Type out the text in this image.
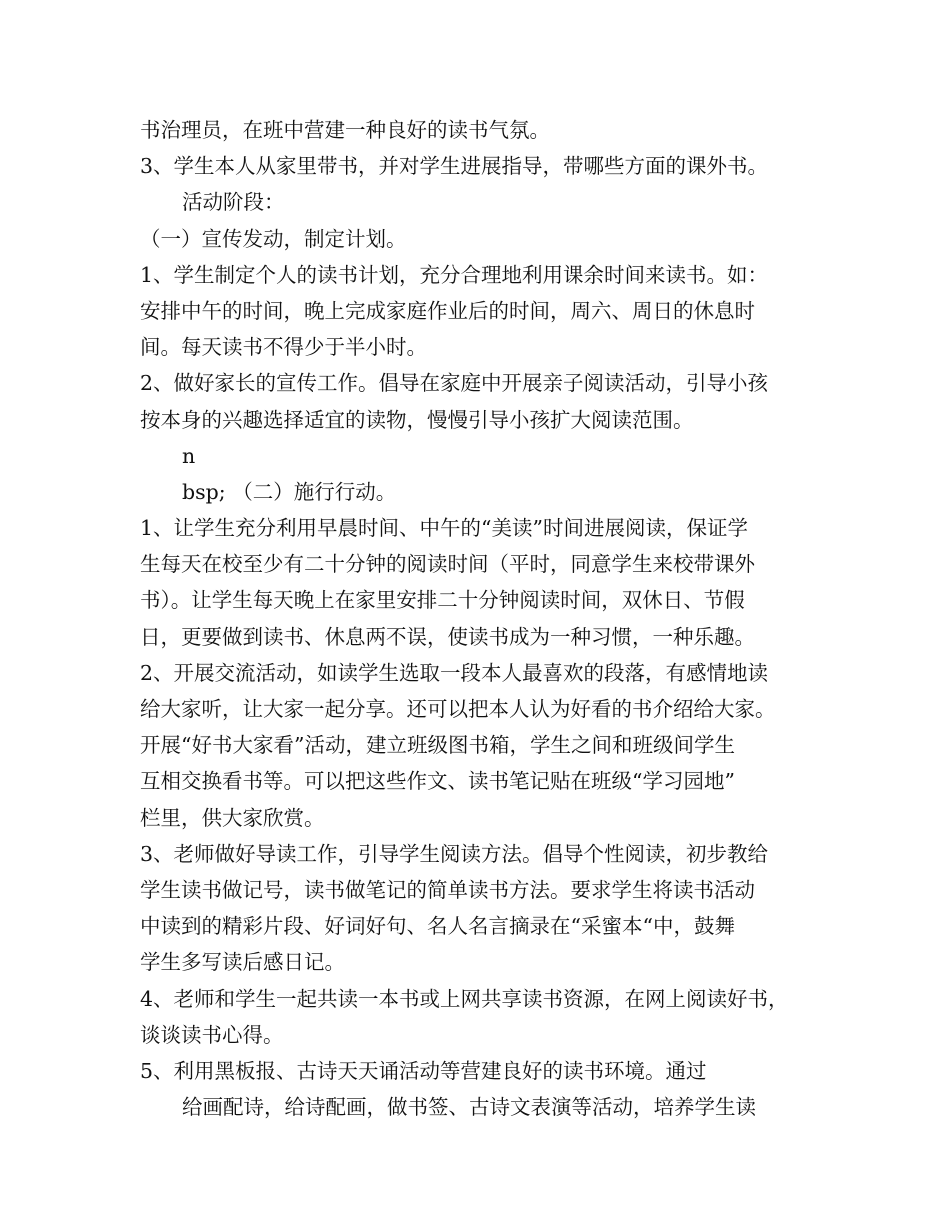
书治理员，在班中营建一种良好的读书气氛。
3、学生本人从家里带书，并对学生进展指导，带哪些方面的课外书。
活动阶段：
（一）宣传发动，制定计划。
1、学生制定个人的读书计划，充分合理地利用课余时间来读书。如：
安排中午的时间，晚上完成家庭作业后的时间，周六、周日的休息时
间。每天读书不得少于半小时。
2、做好家长的宣传工作。倡导在家庭中开展亲子阅读活动，引导小孩
按本身的兴趣选择适宜的读物，慢慢引导小孩扩大阅读范围。
n
bsp; （二）施行行动。
1、让学生充分利用早晨时间、中午的“美读”时间进展阅读，保证学
生每天在校至少有二十分钟的阅读时间（平时，同意学生来校带课外
书）。让学生每天晚上在家里安排二十分钟阅读时间，双休日、节假
日，更要做到读书、休息两不误，使读书成为一种习惯，一种乐趣。
2、开展交流活动，如读学生选取一段本人最喜欢的段落，有感情地读
给大家听，让大家一起分享。还可以把本人认为好看的书介绍给大家。
开展“好书大家看”活动，建立班级图书箱，学生之间和班级间学生
互相交换看书等。可以把这些作文、读书笔记贴在班级“学习园地”
栏里，供大家欣赏。
3、老师做好导读工作，引导学生阅读方法。倡导个性阅读，初步教给
学生读书做记号，读书做笔记的简单读书方法。要求学生将读书活动
中读到的精彩片段、好词好句、名人名言摘录在“采蜜本“中，鼓舞
学生多写读后感日记。
4、老师和学生一起共读一本书或上网共享读书资源，在网上阅读好书，
谈谈读书心得。
5、利用黑板报、古诗天天诵活动等营建良好的读书环境。通过
给画配诗，给诗配画，做书签、古诗文表演等活动，培养学生读
